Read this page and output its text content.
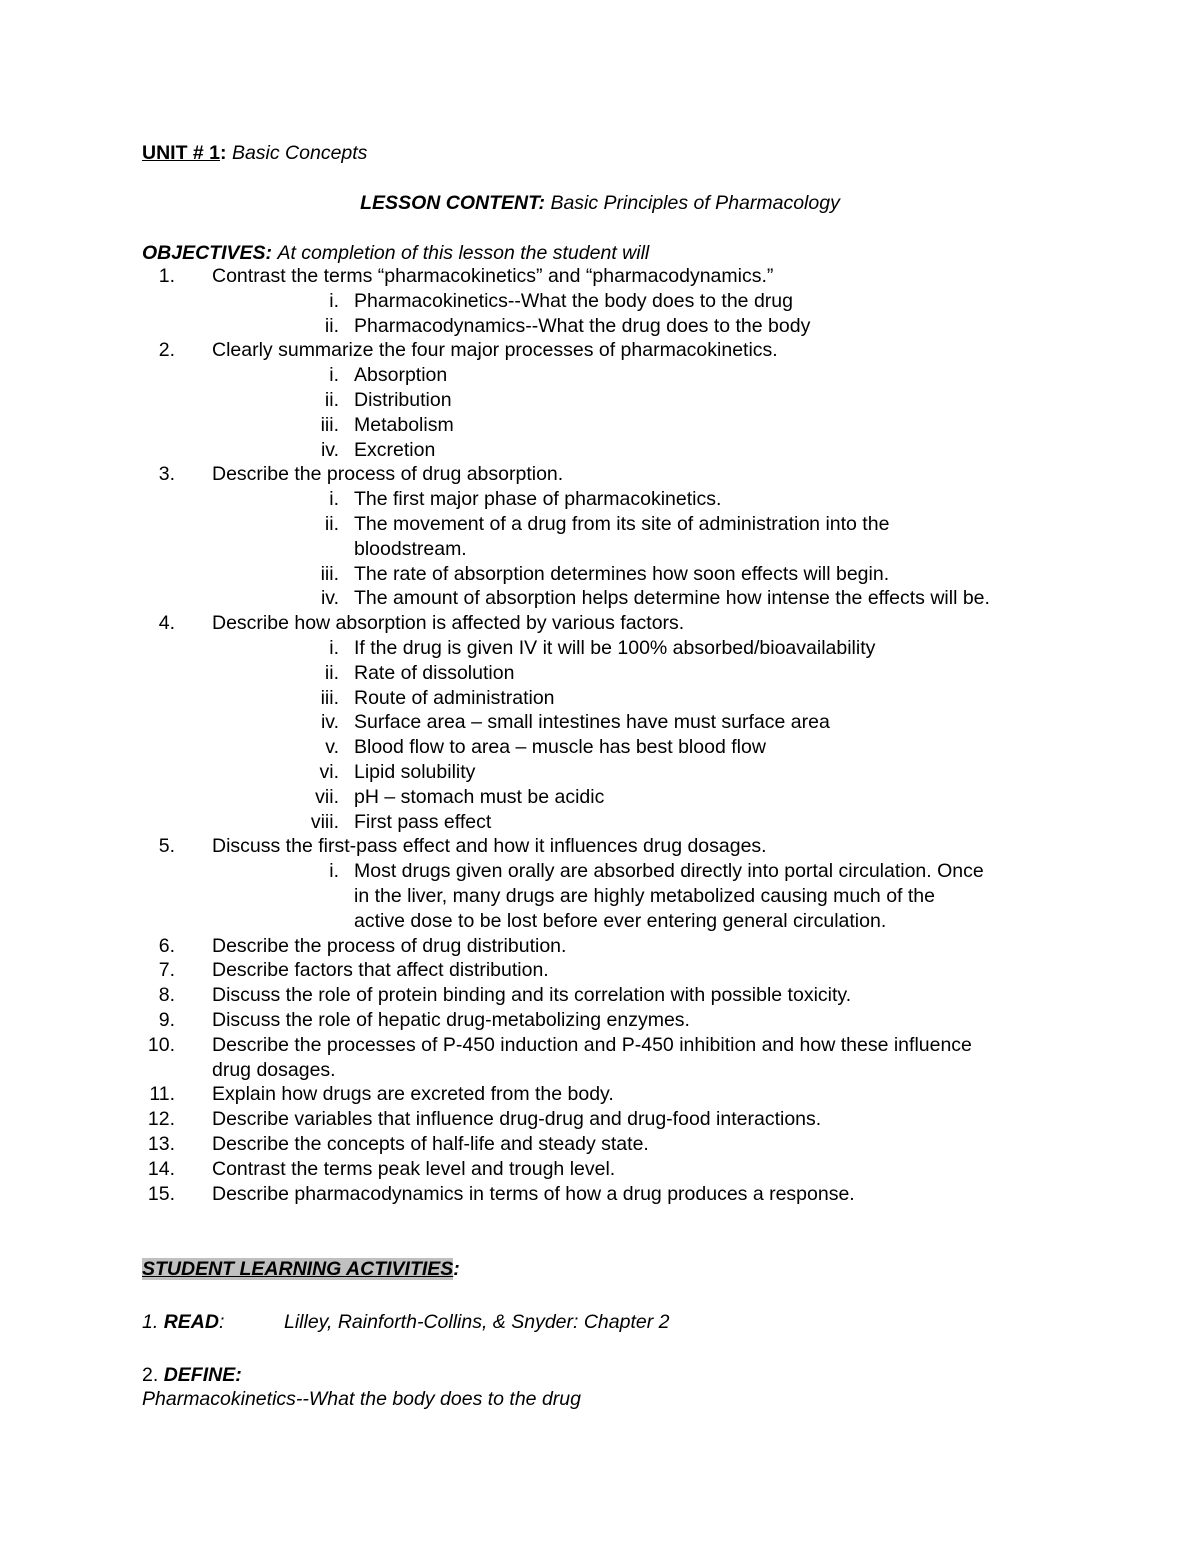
UNIT # 1: Basic Concepts
LESSON CONTENT: Basic Principles of Pharmacology
OBJECTIVES: At completion of this lesson the student will
1. Contrast the terms “pharmacokinetics” and “pharmacodynamics.”
i. Pharmacokinetics--What the body does to the drug
ii. Pharmacodynamics--What the drug does to the body
2. Clearly summarize the four major processes of pharmacokinetics.
i. Absorption
ii. Distribution
iii. Metabolism
iv. Excretion
3. Describe the process of drug absorption.
i. The first major phase of pharmacokinetics.
ii. The movement of a drug from its site of administration into the
bloodstream.
iii. The rate of absorption determines how soon effects will begin.
iv. The amount of absorption helps determine how intense the effects will be.
4. Describe how absorption is affected by various factors.
i. If the drug is given IV it will be 100% absorbed/bioavailability
ii. Rate of dissolution
iii. Route of administration
iv. Surface area – small intestines have must surface area
v. Blood flow to area – muscle has best blood flow
vi. Lipid solubility
vii. pH – stomach must be acidic
viii. First pass effect
5. Discuss the first-pass effect and how it influences drug dosages.
i. Most drugs given orally are absorbed directly into portal circulation. Once
in the liver, many drugs are highly metabolized causing much of the
active dose to be lost before ever entering general circulation.
6. Describe the process of drug distribution.
7. Describe factors that affect distribution.
8. Discuss the role of protein binding and its correlation with possible toxicity.
9. Discuss the role of hepatic drug-metabolizing enzymes.
10. Describe the processes of P-450 induction and P-450 inhibition and how these influence
drug dosages.
11. Explain how drugs are excreted from the body.
12. Describe variables that influence drug-drug and drug-food interactions.
13. Describe the concepts of half-life and steady state.
14. Contrast the terms peak level and trough level.
15. Describe pharmacodynamics in terms of how a drug produces a response.
STUDENT LEARNING ACTIVITIES:
1. READ:	Lilley, Rainforth-Collins, & Snyder: Chapter 2
2. DEFINE:
Pharmacokinetics--What the body does to the drug
